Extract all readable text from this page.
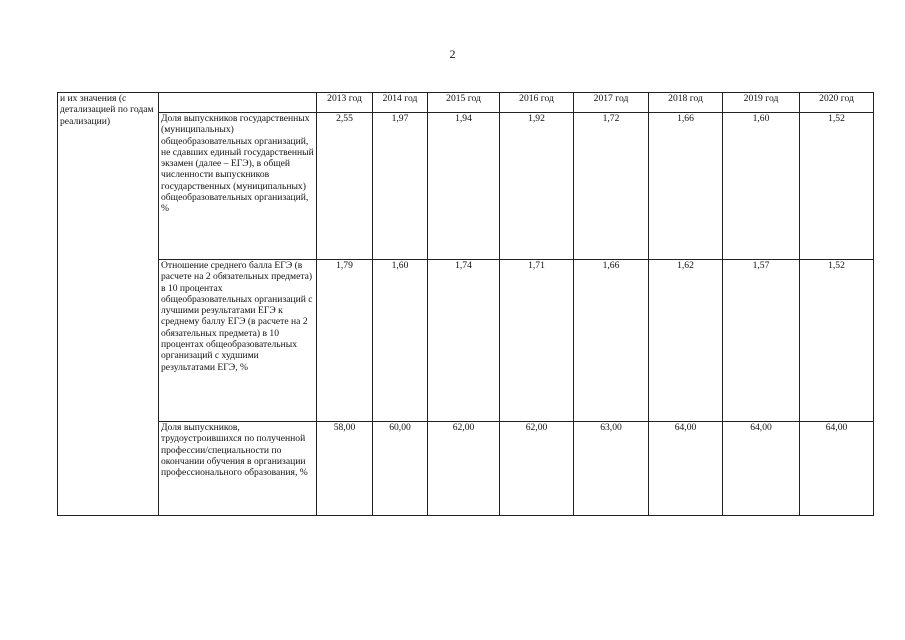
2
и их значения (с детализацией по годам реализации)		2013 год	2014 год	2015 год	2016 год	2017 год	2018 год	2019 год	2020 год
	Доля выпускников государственных (муниципальных) общеобразовательных организаций, не сдавших единый государственный экзамен (далее – ЕГЭ), в общей численности выпускников государственных (муниципальных) общеобразовательных организаций, %	2,55	1,97	1,94	1,92	1,72	1,66	1,60	1,52
	Отношение среднего балла ЕГЭ (в расчете на 2 обязательных предмета) в 10 процентах общеобразовательных организаций с лучшими результатами ЕГЭ к среднему баллу ЕГЭ (в расчете на 2 обязательных предмета) в 10 процентах общеобразовательных организаций с худшими результатами ЕГЭ, %	1,79	1,60	1,74	1,71	1,66	1,62	1,57	1,52
	Доля выпускников, трудоустроившихся по полученной профессии/специальности по окончании обучения в организации профессионального образования, %	58,00	60,00	62,00	62,00	63,00	64,00	64,00	64,00
